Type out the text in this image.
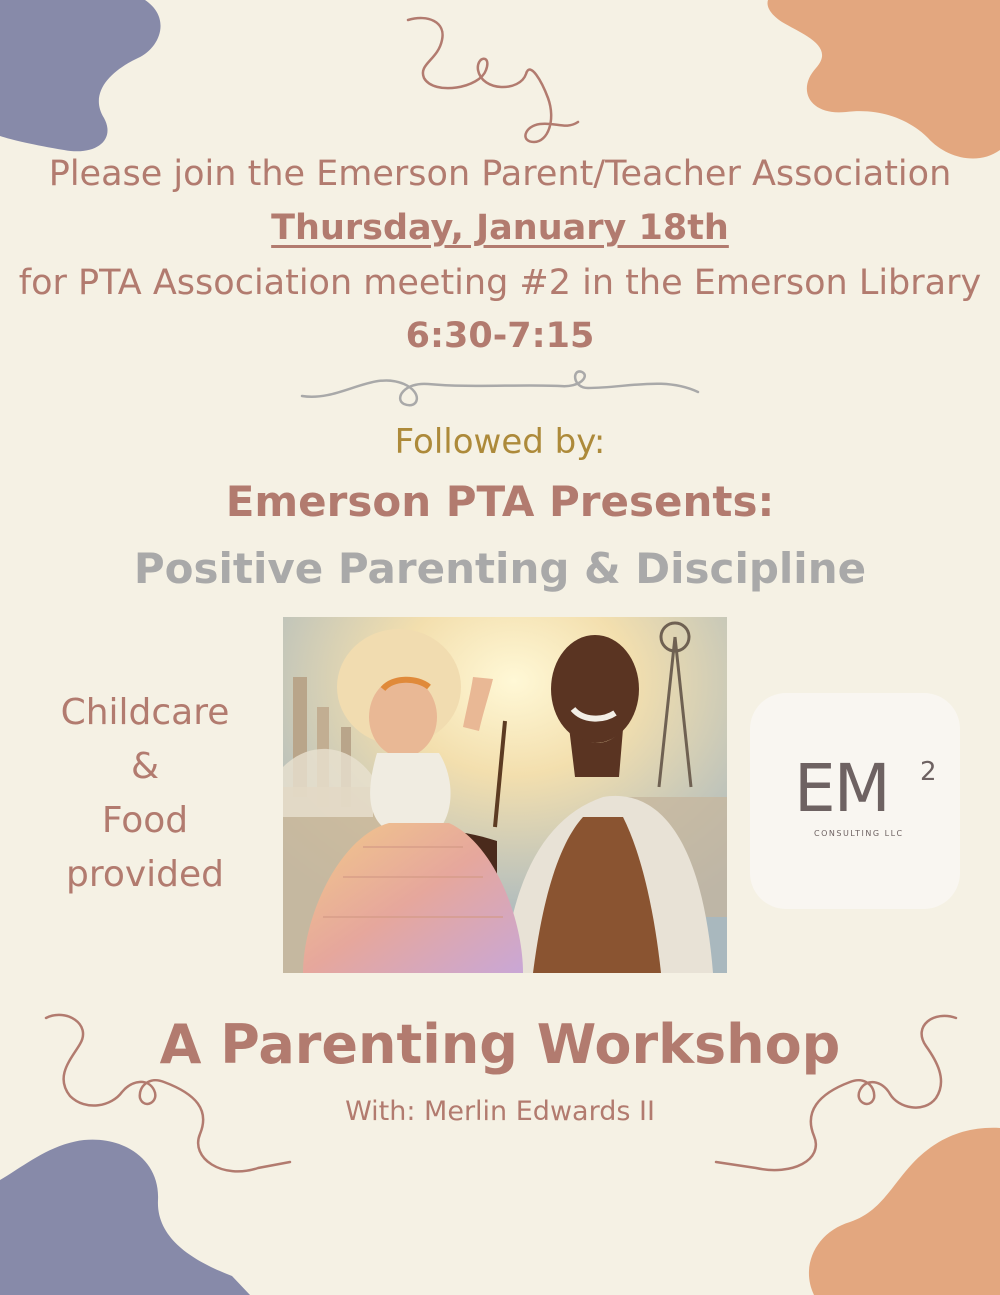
Please join the Emerson Parent/Teacher Association
Thursday, January 18th
for PTA Association meeting #2 in the Emerson Library
6:30-7:15
Followed by:
Emerson PTA Presents:
Positive Parenting & Discipline
Childcare
&
Food
provided
EM 2
CONSULTING LLC
A Parenting Workshop
With: Merlin Edwards II
